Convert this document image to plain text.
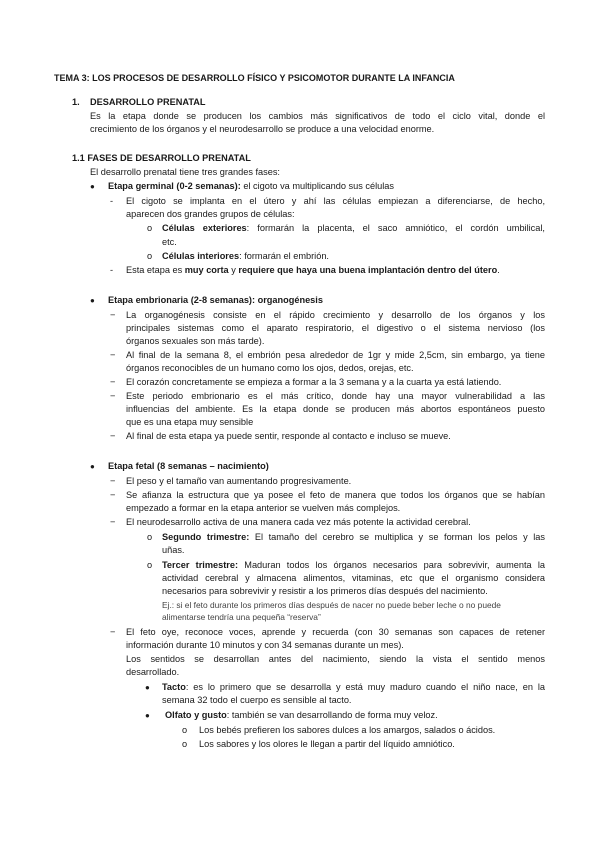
TEMA 3: LOS PROCESOS DE DESARROLLO FÍSICO Y PSICOMOTOR DURANTE LA INFANCIA
1. DESARROLLO PRENATAL
Es la etapa donde se producen los cambios más significativos de todo el ciclo vital, donde el
crecimiento de los órganos y el neurodesarrollo se produce a una velocidad enorme.
1.1 FASES DE DESARROLLO PRENATAL
El desarrollo prenatal tiene tres grandes fases:
● Etapa germinal (0-2 semanas): el cigoto va multiplicando sus células
- El cigoto se implanta en el útero y ahí las células empiezan a diferenciarse, de hecho,
aparecen dos grandes grupos de células:
o Células exteriores: formarán la placenta, el saco amniótico, el cordón umbilical,
etc.
o Células interiores: formarán el embrión.
- Esta etapa es muy corta y requiere que haya una buena implantación dentro del útero.
● Etapa embrionaria (2-8 semanas): organogénesis
− La organogénesis consiste en el rápido crecimiento y desarrollo de los órganos y los
principales sistemas como el aparato respiratorio, el digestivo o el sistema nervioso (los
órganos sexuales son más tarde).
− Al final de la semana 8, el embrión pesa alrededor de 1gr y mide 2,5cm, sin embargo, ya tiene
órganos reconocibles de un humano como los ojos, dedos, orejas, etc.
− El corazón concretamente se empieza a formar a la 3 semana y a la cuarta ya está latiendo.
− Este periodo embrionario es el más crítico, donde hay una mayor vulnerabilidad a las
influencias del ambiente. Es la etapa donde se producen más abortos espontáneos puesto
que es una etapa muy sensible
− Al final de esta etapa ya puede sentir, responde al contacto e incluso se mueve.
● Etapa fetal (8 semanas – nacimiento)
− El peso y el tamaño van aumentando progresivamente.
− Se afianza la estructura que ya posee el feto de manera que todos los órganos que se habían
empezado a formar en la etapa anterior se vuelven más complejos.
− El neurodesarrollo activa de una manera cada vez más potente la actividad cerebral.
o Segundo trimestre: El tamaño del cerebro se multiplica y se forman los pelos y las
uñas.
o Tercer trimestre: Maduran todos los órganos necesarios para sobrevivir, aumenta la
actividad cerebral y almacena alimentos, vitaminas, etc que el organismo considera
necesarios para sobrevivir y resistir a los primeros días después del nacimiento.
Ej.: si el feto durante los primeros días después de nacer no puede beber leche o no puede
alimentarse tendría una pequeña “reserva”
− El feto oye, reconoce voces, aprende y recuerda (con 30 semanas son capaces de retener
información durante 10 minutos y con 34 semanas durante un mes).
Los sentidos se desarrollan antes del nacimiento, siendo la vista el sentido menos
desarrollado.
● Tacto: es lo primero que se desarrolla y está muy maduro cuando el niño nace, en la
semana 32 todo el cuerpo es sensible al tacto.
● Olfato y gusto: también se van desarrollando de forma muy veloz.
o Los bebés prefieren los sabores dulces a los amargos, salados o ácidos.
o Los sabores y los olores le llegan a partir del líquido amniótico.
